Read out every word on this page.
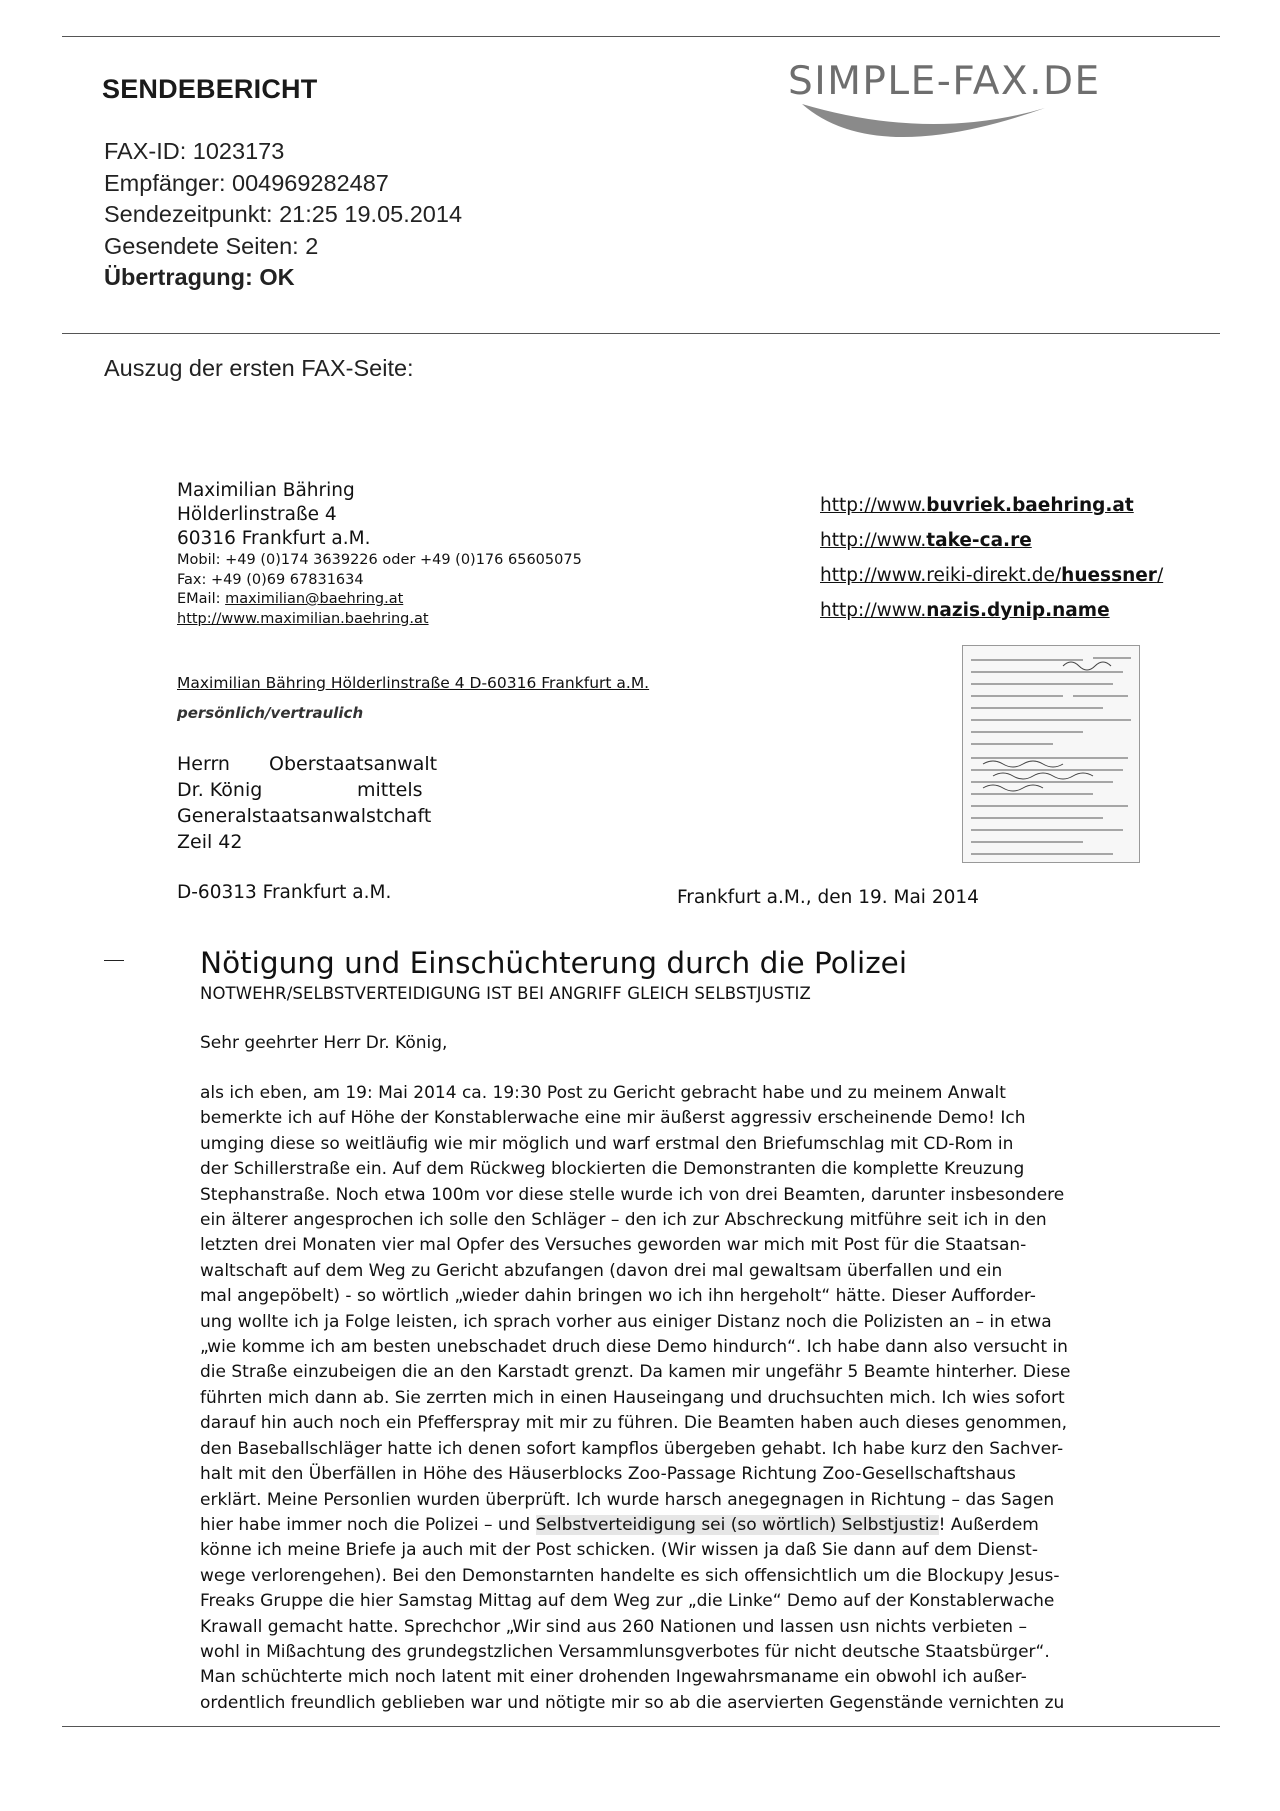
SENDEBERICHT	SIMPLE-FAX.DE
FAX-ID: 1023173
Empfänger: 004969282487
Sendezeitpunkt: 21:25 19.05.2014
Gesendete Seiten: 2
Übertragung: OK
Auszug der ersten FAX-Seite:
Maximilian Bähring
Hölderlinstraße 4
60316 Frankfurt a.M.
Mobil: +49 (0)174 3639226 oder +49 (0)176 65605075
Fax: +49 (0)69 67831634
EMail: maximilian@baehring.at
http://www.maximilian.baehring.at
http://www.buvriek.baehring.at
http://www.take-ca.re
http://www.reiki-direkt.de/huessner/
http://www.nazis.dynip.name
Maximilian Bähring Hölderlinstraße 4 D-60316 Frankfurt a.M.
persönlich/vertraulich
Herrn	Oberstaatsanwalt
Dr. König	mittels
Generalstaatsanwalstchaft
Zeil 42
D-60313 Frankfurt a.M.	Frankfurt a.M., den 19. Mai 2014
Nötigung und Einschüchterung durch die Polizei
NOTWEHR/SELBSTVERTEIDIGUNG IST BEI ANGRIFF GLEICH SELBSTJUSTIZ
Sehr geehrter Herr Dr. König,
als ich eben, am 19: Mai 2014 ca. 19:30 Post zu Gericht gebracht habe und zu meinem Anwalt
bemerkte ich auf Höhe der Konstablerwache eine mir äußerst aggressiv erscheinende Demo! Ich
umging diese so weitläufig wie mir möglich und warf erstmal den Briefumschlag mit CD-Rom in
der Schillerstraße ein. Auf dem Rückweg blockierten die Demonstranten die komplette Kreuzung
Stephanstraße. Noch etwa 100m vor diese stelle wurde ich von drei Beamten, darunter insbesondere
ein älterer angesprochen ich solle den Schläger – den ich zur Abschreckung mitführe seit ich in den
letzten drei Monaten vier mal Opfer des Versuches geworden war mich mit Post für die Staatsan-
waltschaft auf dem Weg zu Gericht abzufangen (davon drei mal gewaltsam überfallen und ein
mal angepöbelt) - so wörtlich „wieder dahin bringen wo ich ihn hergeholt“ hätte. Dieser Aufforder-
ung wollte ich ja Folge leisten, ich sprach vorher aus einiger Distanz noch die Polizisten an – in etwa
„wie komme ich am besten unebschadet druch diese Demo hindurch“. Ich habe dann also versucht in
die Straße einzubeigen die an den Karstadt grenzt. Da kamen mir ungefähr 5 Beamte hinterher. Diese
führten mich dann ab. Sie zerrten mich in einen Hauseingang und druchsuchten mich. Ich wies sofort
darauf hin auch noch ein Pfefferspray mit mir zu führen. Die Beamten haben auch dieses genommen,
den Baseballschläger hatte ich denen sofort kampflos übergeben gehabt. Ich habe kurz den Sachver-
halt mit den Überfällen in Höhe des Häuserblocks Zoo-Passage Richtung Zoo-Gesellschaftshaus
erklärt. Meine Personlien wurden überprüft. Ich wurde harsch anegegnagen in Richtung – das Sagen
hier habe immer noch die Polizei – und Selbstverteidigung sei (so wörtlich) Selbstjustiz! Außerdem
könne ich meine Briefe ja auch mit der Post schicken. (Wir wissen ja daß Sie dann auf dem Dienst-
wege verlorengehen). Bei den Demonstarnten handelte es sich offensichtlich um die Blockupy Jesus-
Freaks Gruppe die hier Samstag Mittag auf dem Weg zur „die Linke“ Demo auf der Konstablerwache
Krawall gemacht hatte. Sprechchor „Wir sind aus 260 Nationen und lassen usn nichts verbieten –
wohl in Mißachtung des grundegstzlichen Versammlunsgverbotes für nicht deutsche Staatsbürger“.
Man schüchterte mich noch latent mit einer drohenden Ingewahrsmaname ein obwohl ich außer-
ordentlich freundlich geblieben war und nötigte mir so ab die aservierten Gegenstände vernichten zu
